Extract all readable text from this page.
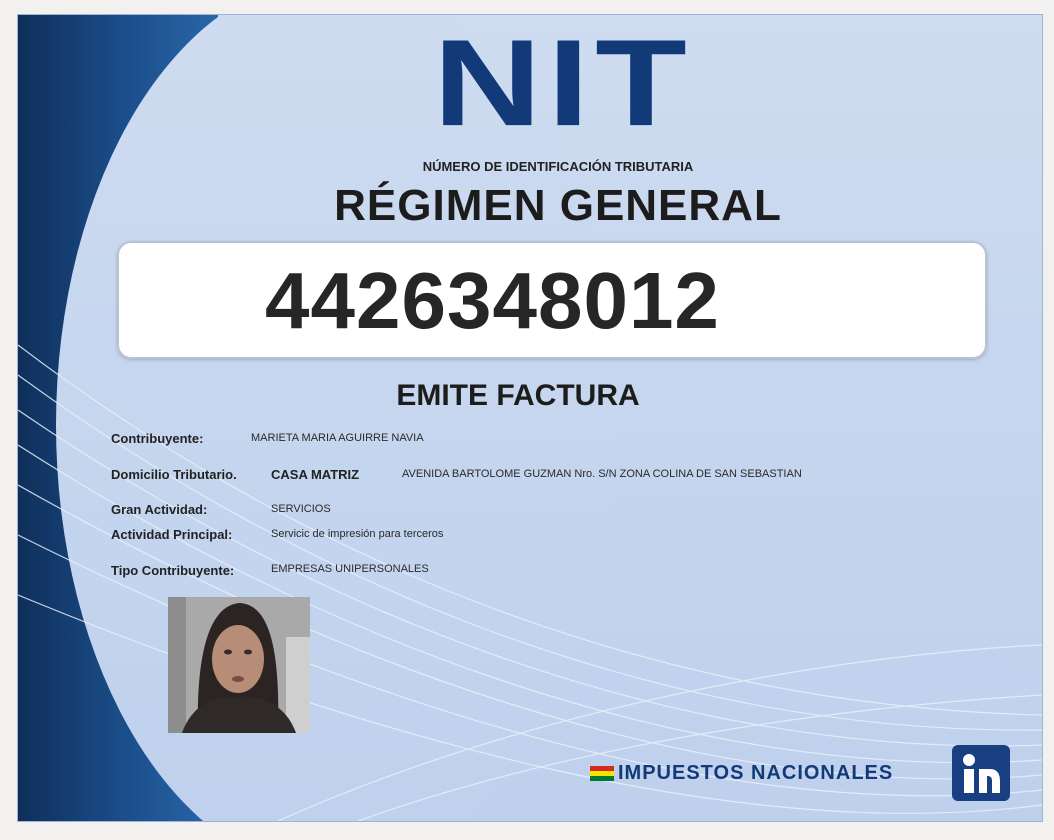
NIT
NÚMERO DE IDENTIFICACIÓN TRIBUTARIA
RÉGIMEN GENERAL
4426348012
EMITE FACTURA
Contribuyente:	MARIETA MARIA AGUIRRE NAVIA
Domicilio Tributario.	CASA MATRIZ	AVENIDA BARTOLOME GUZMAN Nro. S/N ZONA COLINA DE SAN SEBASTIAN
Gran Actividad:	SERVICIOS
Actividad Principal:	Servicic de impresión para terceros
Tipo Contribuyente:	EMPRESAS UNIPERSONALES
IMPUESTOS NACIONALES
